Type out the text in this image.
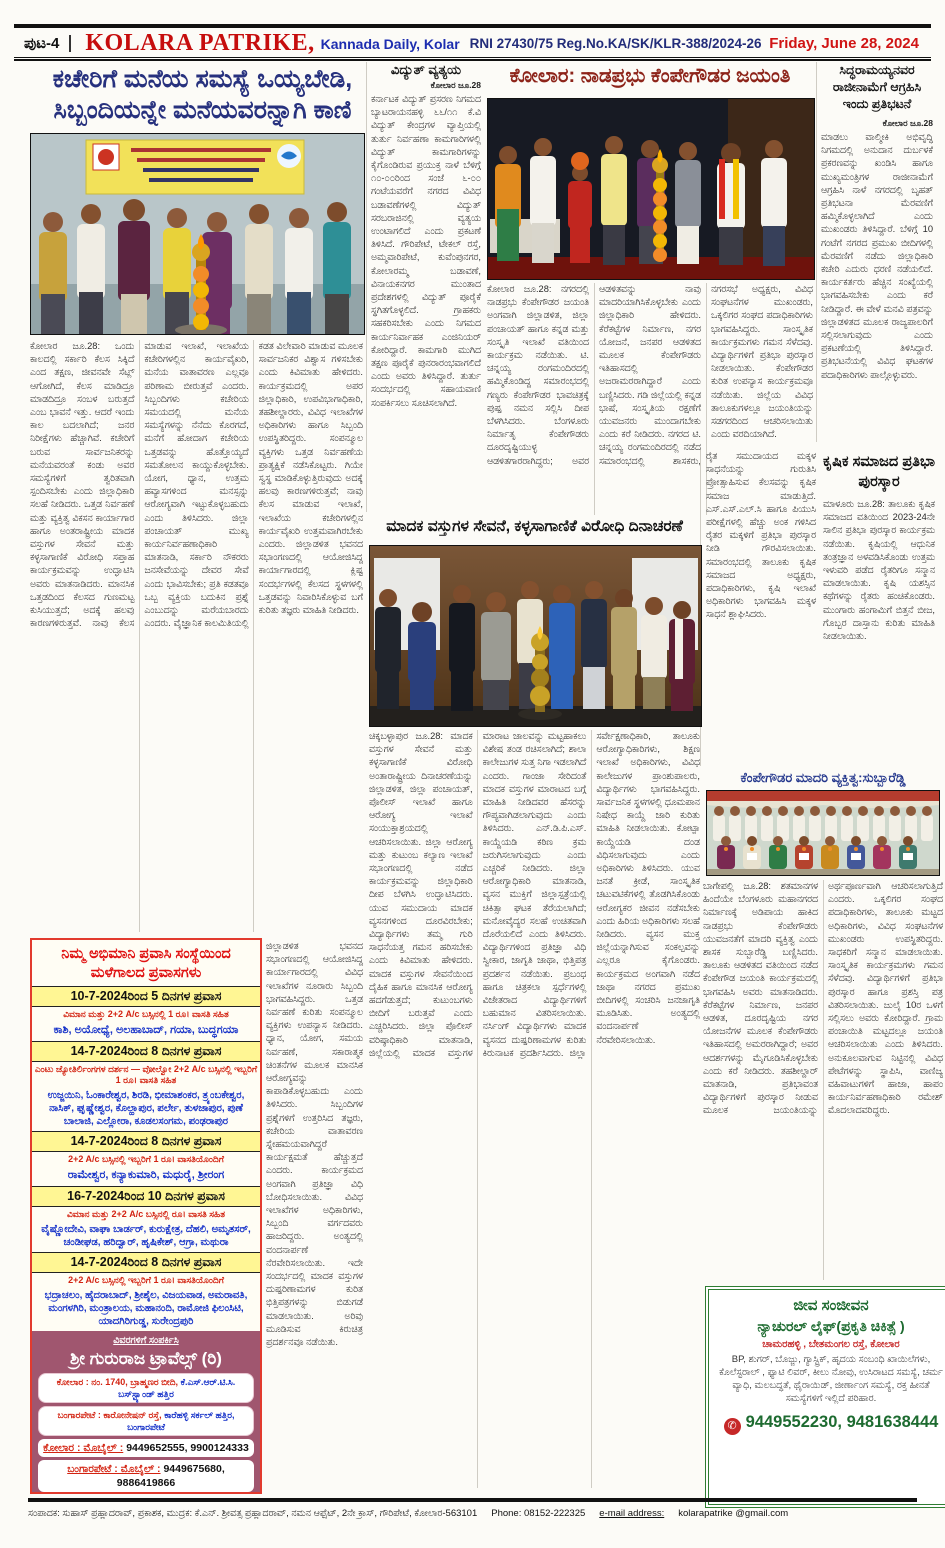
ಪುಟ-4	KOLARA PATRIKE, Kannada Daily, Kolar RNI 27430/75 Reg.No.KA/SK/KLR-388/2024-26 Friday, June 28, 2024
ಕಚೇರಿಗೆ ಮನೆಯ ಸಮಸ್ಯೆ ಒಯ್ಯಬೇಡಿ, ಸಿಬ್ಬಂದಿಯನ್ನೇ ಮನೆಯವರನ್ನಾಗಿ ಕಾಣಿ
ಕೋಲಾರ ಜೂ.28: ಒಂದು ಕಾಲದಲ್ಲಿ ಸರ್ಕಾರಿ ಕೆಲಸ ಸಿಕ್ಕಿದೆ ಎಂದ ತಕ್ಷಣ, ಜೀವನವೇ ಸೆಟ್ಲ್ ಆಗೋಗಿದೆ, ಕೆಲಸ ಮಾಡಿದ್ರೂ ಮಾಡದಿದ್ರೂ ಸಂಬಳ ಬರುತ್ತದೆ ಎಂಬ ಭಾವನೆ ಇತ್ತು. ಆದರೆ ಇಂದು ಕಾಲ ಬದಲಾಗಿದೆ; ಜನರ ನಿರೀಕ್ಷೆಗಳು ಹೆಚ್ಚಾಗಿವೆ. ಕಚೇರಿಗೆ ಬರುವ ಸಾರ್ವಜನಿಕರನ್ನು ಮನೆಯವರಂತೆ ಕಂಡು ಅವರ ಸಮಸ್ಯೆಗಳಿಗೆ ತ್ವರಿತವಾಗಿ ಸ್ಪಂದಿಸಬೇಕು ಎಂದು ಜಿಲ್ಲಾಧಿಕಾರಿ ಸಲಹೆ ನೀಡಿದರು. ಒತ್ತಡ ನಿರ್ವಹಣೆ ಮತ್ತು ವ್ಯಕ್ತಿತ್ವ ವಿಕಸನ ಕಾರ್ಯಾಗಾರ ಹಾಗೂ ಅಂತರಾಷ್ಟ್ರೀಯ ಮಾದಕ ವಸ್ತುಗಳ ಸೇವನೆ ಮತ್ತು ಕಳ್ಳಸಾಗಾಣಿಕೆ ವಿರೋಧಿ ಸಪ್ತಾಹ ಕಾರ್ಯಕ್ರಮವನ್ನು ಉದ್ಘಾಟಿಸಿ ಅವರು ಮಾತನಾಡಿದರು. ಮಾನಸಿಕ ಒತ್ತಡದಿಂದ ಕೆಲಸದ ಗುಣಮಟ್ಟ ಕುಸಿಯುತ್ತದೆ; ಅದಕ್ಕೆ ಹಲವು ಕಾರಣಗಳಿರುತ್ತವೆ. ನಾವು ಕೆಲಸ ಮಾಡುವ ಇಲಾಖೆ, ಇಲಾಖೆಯ ಕಚೇರಿಗಳಲ್ಲಿನ ಕಾರ್ಯವೈಖರಿ, ಮನೆಯ ವಾತಾವರಣ ಎಲ್ಲವೂ ಪರಿಣಾಮ ಬೀರುತ್ತವೆ ಎಂದರು. ಸಿಬ್ಬಂದಿಗಳು ಕಚೇರಿಯ ಸಮಯದಲ್ಲಿ ಮನೆಯ ಸಮಸ್ಯೆಗಳನ್ನು ನೆನೆದು ಕೊರಗದೆ, ಮನೆಗೆ ಹೋದಾಗ ಕಚೇರಿಯ ಒತ್ತಡವನ್ನು ಹೊತ್ತೊಯ್ಯದೆ ಸಮತೋಲನ ಕಾಯ್ದುಕೊಳ್ಳಬೇಕು. ಯೋಗ, ಧ್ಯಾನ, ಉತ್ತಮ ಹವ್ಯಾಸಗಳಿಂದ ಮನಸ್ಸನ್ನು ಆರೋಗ್ಯವಾಗಿ ಇಟ್ಟುಕೊಳ್ಳಬಹುದು ಎಂದು ತಿಳಿಸಿದರು. ಜಿಲ್ಲಾ ಪಂಚಾಯತ್ ಮುಖ್ಯ ಕಾರ್ಯನಿರ್ವಹಣಾಧಿಕಾರಿ ಮಾತನಾಡಿ, ಸರ್ಕಾರಿ ನೌಕರರು ಜನಸೇವೆಯನ್ನು ದೇವರ ಸೇವೆ ಎಂದು ಭಾವಿಸಬೇಕು; ಪ್ರತಿ ಕಡತವೂ ಒಬ್ಬ ವ್ಯಕ್ತಿಯ ಬದುಕಿನ ಪ್ರಶ್ನೆ ಎಂಬುದನ್ನು ಮರೆಯಬಾರದು ಎಂದರು. ವೈಜ್ಞಾನಿಕ ಕಾಲಮಿತಿಯಲ್ಲಿ ಕಡತ ವಿಲೇವಾರಿ ಮಾಡುವ ಮೂಲಕ ಸಾರ್ವಜನಿಕರ ವಿಶ್ವಾಸ ಗಳಿಸಬೇಕು ಎಂದು ಕಿವಿಮಾತು ಹೇಳಿದರು. ಕಾರ್ಯಕ್ರಮದಲ್ಲಿ ಅಪರ ಜಿಲ್ಲಾಧಿಕಾರಿ, ಉಪವಿಭಾಗಾಧಿಕಾರಿ, ತಹಶೀಲ್ದಾರರು, ವಿವಿಧ ಇಲಾಖೆಗಳ ಅಧಿಕಾರಿಗಳು ಹಾಗೂ ಸಿಬ್ಬಂದಿ ಉಪಸ್ಥಿತರಿದ್ದರು. ಸಂಪನ್ಮೂಲ ವ್ಯಕ್ತಿಗಳು ಒತ್ತಡ ನಿರ್ವಹಣೆಯ ಪ್ರಾತ್ಯಕ್ಷಿಕೆ ನಡೆಸಿಕೊಟ್ಟರು. ಗಿಯೇ ಸ್ವಸ್ಥ ಮಾಡಿಕೊಳ್ಳುತ್ತಿರುವುದು ಅದಕ್ಕೆ ಹಲವು ಕಾರಣಗಳಿರುತ್ತವೆ; ನಾವು ಕೆಲಸ ಮಾಡುವ ಇಲಾಖೆ, ಇಲಾಖೆಯ ಕಚೇರಿಗಳಲ್ಲಿನ ಕಾರ್ಯವೈಖರಿ ಉತ್ತಮವಾಗಿರಬೇಕು ಎಂದರು. ಜಿಲ್ಲಾಡಳಿತ ಭವನದ ಸಭಾಂಗಣದಲ್ಲಿ ಆಯೋಜಿಸಿದ್ದ ಕಾರ್ಯಾಗಾರದಲ್ಲಿ ಕ್ಲಿಷ್ಟ ಸಂದರ್ಭಗಳಲ್ಲಿ ಕೆಲಸದ ಸ್ಥಳಗಳಲ್ಲಿ ಒತ್ತಡವನ್ನು ನಿವಾರಿಸಿಕೊಳ್ಳುವ ಬಗೆ ಕುರಿತು ತಜ್ಞರು ಮಾಹಿತಿ ನೀಡಿದರು.
ಜಿಲ್ಲಾಡಳಿತ ಭವನದ ಸಭಾಂಗಣದಲ್ಲಿ ಆಯೋಜಿಸಿದ್ದ ಕಾರ್ಯಾಗಾರದಲ್ಲಿ ವಿವಿಧ ಇಲಾಖೆಗಳ ನೂರಾರು ಸಿಬ್ಬಂದಿ ಭಾಗವಹಿಸಿದ್ದರು. ಒತ್ತಡ ನಿರ್ವಹಣೆ ಕುರಿತು ಸಂಪನ್ಮೂಲ ವ್ಯಕ್ತಿಗಳು ಉಪನ್ಯಾಸ ನೀಡಿದರು. ಧ್ಯಾನ, ಯೋಗ, ಸಮಯ ನಿರ್ವಹಣೆ, ಸಕಾರಾತ್ಮಕ ಚಿಂತನೆಗಳ ಮೂಲಕ ಮಾನಸಿಕ ಆರೋಗ್ಯವನ್ನು ಕಾಪಾಡಿಕೊಳ್ಳಬಹುದು ಎಂದು ತಿಳಿಸಿದರು. ಸಿಬ್ಬಂದಿಗಳ ಪ್ರಶ್ನೆಗಳಿಗೆ ಉತ್ತರಿಸಿದ ತಜ್ಞರು, ಕಚೇರಿಯ ವಾತಾವರಣ ಸ್ನೇಹಮಯವಾಗಿದ್ದರೆ ಕಾರ್ಯಕ್ಷಮತೆ ಹೆಚ್ಚುತ್ತದೆ ಎಂದರು. ಕಾರ್ಯಕ್ರಮದ ಅಂಗವಾಗಿ ಪ್ರತಿಜ್ಞಾ ವಿಧಿ ಬೋಧಿಸಲಾಯಿತು. ವಿವಿಧ ಇಲಾಖೆಗಳ ಅಧಿಕಾರಿಗಳು, ಸಿಬ್ಬಂದಿ ವರ್ಗದವರು ಹಾಜರಿದ್ದರು. ಅಂತ್ಯದಲ್ಲಿ ವಂದನಾರ್ಪಣೆ ನೆರವೇರಿಸಲಾಯಿತು. ಇದೇ ಸಂದರ್ಭದಲ್ಲಿ ಮಾದಕ ವಸ್ತುಗಳ ದುಷ್ಪರಿಣಾಮಗಳ ಕುರಿತ ಭಿತ್ತಿಪತ್ರಗಳನ್ನು ಬಿಡುಗಡೆ ಮಾಡಲಾಯಿತು. ಅರಿವು ಮೂಡಿಸುವ ಕಿರುಚಿತ್ರ ಪ್ರದರ್ಶನವೂ ನಡೆಯಿತು.
ನಿಮ್ಮ ಅಭಿಮಾನಿ ಪ್ರವಾಸಿ ಸಂಸ್ಥೆಯಿಂದ ಮಳೆಗಾಲದ ಪ್ರವಾಸಗಳು
10-7-2024ರಿಂದ 5 ದಿನಗಳ ಪ್ರವಾಸ
ವಿಮಾನ ಮತ್ತು 2+2 A/c ಬಸ್ಸಿನಲ್ಲಿ 1 ರೂ। ವಾಸತಿ ಸಹಿತ
ಕಾಶಿ, ಅಯೋಧ್ಯೆ, ಅಲಹಾಬಾದ್, ಗಯಾ, ಬುದ್ಧಗಯಾ
14-7-2024ರಿಂದ 8 ದಿನಗಳ ಪ್ರವಾಸ
ಎಂಟು ಜ್ಯೋತಿರ್ಲಿಂಗಗಳ ದರ್ಶನ — ವೋಲ್ವೋ 2+2 A/c ಬಸ್ಸಿನಲ್ಲಿ ಇಬ್ಬರಿಗೆ 1 ರೂ। ವಾಸತಿ ಸಹಿತ
ಉಜ್ಜಯಿನಿ, ಓಂಕಾರೇಶ್ವರ, ಶಿರಡಿ, ಭೀಮಾಶಂಕರ, ತ್ರ್ಯಂಬಕೇಶ್ವರ, ನಾಸಿಕ್, ಘೃಷ್ಣೇಶ್ವರ, ಕೊಲ್ಹಾಪುರ, ಪರ್ಲೇ, ತುಳಜಾಪುರ, ಪುಣೆ ಬಾಲಾಜಿ, ಎಲ್ಲೋರಾ, ಕೂಡಲಸಂಗಮ, ಪಂಢರಾಪುರ
14-7-2024ರಿಂದ 8 ದಿನಗಳ ಪ್ರವಾಸ
2+2 A/c ಬಸ್ಸಿನಲ್ಲಿ ಇಬ್ಬರಿಗೆ 1 ರೂ। ವಾಸತಿಯೊಂದಿಗೆ
ರಾಮೇಶ್ವರ, ಕನ್ಯಾಕುಮಾರಿ, ಮಧುರೈ, ಶ್ರೀರಂಗ
16-7-2024ರಿಂದ 10 ದಿನಗಳ ಪ್ರವಾಸ
ವಿಮಾನ ಮತ್ತು 2+2 A/c ಬಸ್ಸಿನಲ್ಲಿ ರೂ। ವಾಸತಿ ಸಹಿತ
ವೈಷ್ಣೋದೇವಿ, ವಾಘಾ ಬಾರ್ಡರ್, ಕುರುಕ್ಷೇತ್ರ, ದೆಹಲಿ, ಅಮೃತಸರ್, ಚಂಡೀಘಡ, ಹರಿದ್ವಾರ್, ಹೃಷಿಕೇಶ್, ಆಗ್ರಾ, ಮಥುರಾ
14-7-2024ರಿಂದ 8 ದಿನಗಳ ಪ್ರವಾಸ
2+2 A/c ಬಸ್ಸಿನಲ್ಲಿ ಇಬ್ಬರಿಗೆ 1 ರೂ। ವಾಸತಿಯೊಂದಿಗೆ
ಭದ್ರಾಚಲಂ, ಹೈದರಾಬಾದ್, ಶ್ರೀಶೈಲ, ವಿಜಯವಾಡ, ಅಮರಾವತಿ, ಮಂಗಳಗಿರಿ, ಮಂತ್ರಾಲಯ, ಮಹಾನಂದಿ, ರಾಮೋಜಿ ಫಿಲಂಸಿಟಿ, ಯಾದಗಿರಿಗುಡ್ಡ, ಸುರೇಂದ್ರಪುರಿ
ವಿವರಗಳಿಗೆ ಸಂಪರ್ಕಿಸಿ
ಶ್ರೀ ಗುರುರಾಜ ಟ್ರಾವೆಲ್ಸ್ (ರಿ)
ಕೋಲಾರ : ನಂ. 1740, ಬ್ರಾಹ್ಮಣರ ಬೀದಿ, ಕೆ.ಎಸ್.ಆರ್.ಟಿ.ಸಿ. ಬಸ್‌ಸ್ಟ್ಯಾಂಡ್ ಹತ್ತಿರ
ಬಂಗಾರಪೇಟೆ : ಕಾರೋನೇಷನ್ ರಸ್ತೆ, ಕಾರೆಹಳ್ಳಿ ಸರ್ಕಲ್ ಹತ್ತಿರ, ಬಂಗಾರಪೇಟೆ
ಕೋಲಾರ : ಮೊಬೈಲ್ : 9449652555, 9900124333
ಬಂಗಾರಪೇಟೆ : ಮೊಬೈಲ್ : 9449675680, 9886419866
ವಿದ್ಯುತ್ ವ್ಯತ್ಯಯ
ಕೋಲಾರ ಜೂ.28
ಕರ್ನಾಟಕ ವಿದ್ಯುತ್ ಪ್ರಸರಣ ನಿಗಮದ ಬ್ಯಾಟರಾಯನಹಳ್ಳಿ ೬೬/೧೧ ಕೆ.ವಿ ವಿದ್ಯುತ್ ಕೇಂದ್ರಗಳ ವ್ಯಾಪ್ತಿಯಲ್ಲಿ ತುರ್ತು ನಿರ್ವಹಣಾ ಕಾಮಗಾರಿಗಳಲ್ಲಿ ವಿದ್ಯುತ್ ಕಾಮಗಾರಿಗಳನ್ನು ಕೈಗೊಂಡಿರುವ ಪ್ರಯುಕ್ತ ನಾಳೆ ಬೆಳಿಗ್ಗೆ ೧೦-೦೦ರಿಂದ ಸಂಜೆ ೬-೦೦ ಗಂಟೆಯವರೆಗೆ ನಗರದ ವಿವಿಧ ಬಡಾವಣೆಗಳಲ್ಲಿ ವಿದ್ಯುತ್ ಸರಬರಾಜಿನಲ್ಲಿ ವ್ಯತ್ಯಯ ಉಂಟಾಗಲಿದೆ ಎಂದು ಪ್ರಕಟಣೆ ತಿಳಿಸಿದೆ. ಗೌರಿಪೇಟೆ, ಟೇಕಲ್ ರಸ್ತೆ, ಅಮ್ಮವಾರಿಪೇಟೆ, ಕುವೆಂಪುನಗರ, ಕೋಲಾರಮ್ಮ ಬಡಾವಣೆ, ವಿನಾಯಕನಗರ ಮುಂತಾದ ಪ್ರದೇಶಗಳಲ್ಲಿ ವಿದ್ಯುತ್ ಪೂರೈಕೆ ಸ್ಥಗಿತಗೊಳ್ಳಲಿದೆ. ಗ್ರಾಹಕರು ಸಹಕರಿಸಬೇಕು ಎಂದು ನಿಗಮದ ಕಾರ್ಯನಿರ್ವಾಹಕ ಎಂಜಿನಿಯರ್ ಕೋರಿದ್ದಾರೆ. ಕಾಮಗಾರಿ ಮುಗಿದ ತಕ್ಷಣ ಪೂರೈಕೆ ಪುನರಾರಂಭವಾಗಲಿದೆ ಎಂದು ಅವರು ತಿಳಿಸಿದ್ದಾರೆ. ತುರ್ತು ಸಂದರ್ಭದಲ್ಲಿ ಸಹಾಯವಾಣಿ ಸಂಪರ್ಕಿಸಲು ಸೂಚಿಸಲಾಗಿದೆ.
ಕೋಲಾರ: ನಾಡಪ್ರಭು ಕೆಂಪೇಗೌಡರ ಜಯಂತಿ
ಕೋಲಾರ ಜೂ.28: ನಗರದಲ್ಲಿ ನಾಡಪ್ರಭು ಕೆಂಪೇಗೌಡರ ಜಯಂತಿ ಅಂಗವಾಗಿ ಜಿಲ್ಲಾಡಳಿತ, ಜಿಲ್ಲಾ ಪಂಚಾಯತ್ ಹಾಗೂ ಕನ್ನಡ ಮತ್ತು ಸಂಸ್ಕೃತಿ ಇಲಾಖೆ ವತಿಯಿಂದ ಕಾರ್ಯಕ್ರಮ ನಡೆಯಿತು. ಟಿ. ಚನ್ನಯ್ಯ ರಂಗಮಂದಿರದಲ್ಲಿ ಹಮ್ಮಿಕೊಂಡಿದ್ದ ಸಮಾರಂಭದಲ್ಲಿ ಗಣ್ಯರು ಕೆಂಪೇಗೌಡರ ಭಾವಚಿತ್ರಕ್ಕೆ ಪುಷ್ಪ ನಮನ ಸಲ್ಲಿಸಿ ದೀಪ ಬೆಳಗಿಸಿದರು. ಬೆಂಗಳೂರು ನಿರ್ಮಾತೃ ಕೆಂಪೇಗೌಡರು ದೂರದೃಷ್ಟಿಯುಳ್ಳ ಆಡಳಿತಗಾರರಾಗಿದ್ದರು; ಅವರ ಆಡಳಿತವನ್ನು ನಾವು ಮಾದರಿಯಾಗಿಸಿಕೊಳ್ಳಬೇಕು ಎಂದು ಜಿಲ್ಲಾಧಿಕಾರಿ ಹೇಳಿದರು. ಕೆರೆಕಟ್ಟೆಗಳ ನಿರ್ಮಾಣ, ನಗರ ಯೋಜನೆ, ಜನಪರ ಆಡಳಿತದ ಮೂಲಕ ಕೆಂಪೇಗೌಡರು ಇತಿಹಾಸದಲ್ಲಿ ಅಜರಾಮರರಾಗಿದ್ದಾರೆ ಎಂದು ಬಣ್ಣಿಸಿದರು. ಗಡಿ ಜಿಲ್ಲೆಯಲ್ಲಿ ಕನ್ನಡ ಭಾಷೆ, ಸಂಸ್ಕೃತಿಯ ರಕ್ಷಣೆಗೆ ಯುವಜನರು ಮುಂದಾಗಬೇಕು ಎಂದು ಕರೆ ನೀಡಿದರು. ನಗರದ ಟಿ. ಚನ್ನಯ್ಯ ರಂಗಮಂದಿರದಲ್ಲಿ ನಡೆದ ಸಮಾರಂಭದಲ್ಲಿ ಶಾಸಕರು, ನಗರಸಭೆ ಅಧ್ಯಕ್ಷರು, ವಿವಿಧ ಸಂಘಟನೆಗಳ ಮುಖಂಡರು, ಒಕ್ಕಲಿಗರ ಸಂಘದ ಪದಾಧಿಕಾರಿಗಳು ಭಾಗವಹಿಸಿದ್ದರು. ಸಾಂಸ್ಕೃತಿಕ ಕಾರ್ಯಕ್ರಮಗಳು ಗಮನ ಸೆಳೆದವು. ವಿದ್ಯಾರ್ಥಿಗಳಿಗೆ ಪ್ರತಿಭಾ ಪುರಸ್ಕಾರ ನೀಡಲಾಯಿತು. ಕೆಂಪೇಗೌಡರ ಕುರಿತ ಉಪನ್ಯಾಸ ಕಾರ್ಯಕ್ರಮವೂ ನಡೆಯಿತು. ಜಿಲ್ಲೆಯ ವಿವಿಧ ತಾಲೂಕುಗಳಲ್ಲೂ ಜಯಂತಿಯನ್ನು ಸಡಗರದಿಂದ ಆಚರಿಸಲಾಯಿತು ಎಂದು ವರದಿಯಾಗಿದೆ.
ಸಿದ್ಧರಾಮಯ್ಯನವರ ರಾಜೀನಾಮೆಗೆ ಆಗ್ರಹಿಸಿ ಇಂದು ಪ್ರತಿಭಟನೆ
ಕೋಲಾರ ಜೂ.28
ಮಾಡಲು ವಾಲ್ಮೀಕಿ ಅಭಿವೃದ್ಧಿ ನಿಗಮದಲ್ಲಿ ಅನುದಾನ ದುರ್ಬಳಕೆ ಪ್ರಕರಣವನ್ನು ಖಂಡಿಸಿ ಹಾಗೂ ಮುಖ್ಯಮಂತ್ರಿಗಳ ರಾಜೀನಾಮೆಗೆ ಆಗ್ರಹಿಸಿ ನಾಳೆ ನಗರದಲ್ಲಿ ಬೃಹತ್ ಪ್ರತಿಭಟನಾ ಮೆರವಣಿಗೆ ಹಮ್ಮಿಕೊಳ್ಳಲಾಗಿದೆ ಎಂದು ಮುಖಂಡರು ತಿಳಿಸಿದ್ದಾರೆ. ಬೆಳಿಗ್ಗೆ 10 ಗಂಟೆಗೆ ನಗರದ ಪ್ರಮುಖ ಬೀದಿಗಳಲ್ಲಿ ಮೆರವಣಿಗೆ ನಡೆದು ಜಿಲ್ಲಾಧಿಕಾರಿ ಕಚೇರಿ ಎದುರು ಧರಣಿ ನಡೆಯಲಿದೆ. ಕಾರ್ಯಕರ್ತರು ಹೆಚ್ಚಿನ ಸಂಖ್ಯೆಯಲ್ಲಿ ಭಾಗವಹಿಸಬೇಕು ಎಂದು ಕರೆ ನೀಡಿದ್ದಾರೆ. ಈ ವೇಳೆ ಮನವಿ ಪತ್ರವನ್ನು ಜಿಲ್ಲಾಡಳಿತದ ಮೂಲಕ ರಾಜ್ಯಪಾಲರಿಗೆ ಸಲ್ಲಿಸಲಾಗುವುದು ಎಂದು ಪ್ರಕಟಣೆಯಲ್ಲಿ ತಿಳಿಸಿದ್ದಾರೆ. ಪ್ರತಿಭಟನೆಯಲ್ಲಿ ವಿವಿಧ ಘಟಕಗಳ ಪದಾಧಿಕಾರಿಗಳು ಪಾಲ್ಗೊಳ್ಳುವರು.
ರೈತ ಸಮುದಾಯದ ಮಕ್ಕಳ ಸಾಧನೆಯನ್ನು ಗುರುತಿಸಿ ಪ್ರೋತ್ಸಾಹಿಸುವ ಕೆಲಸವನ್ನು ಕೃಷಿಕ ಸಮಾಜ ಮಾಡುತ್ತಿದೆ. ಎಸ್.ಎಸ್.ಎಲ್.ಸಿ ಹಾಗೂ ಪಿಯುಸಿ ಪರೀಕ್ಷೆಗಳಲ್ಲಿ ಹೆಚ್ಚು ಅಂಕ ಗಳಿಸಿದ ರೈತರ ಮಕ್ಕಳಿಗೆ ಪ್ರತಿಭಾ ಪುರಸ್ಕಾರ ನೀಡಿ ಗೌರವಿಸಲಾಯಿತು. ಸಮಾರಂಭದಲ್ಲಿ ತಾಲೂಕು ಕೃಷಿಕ ಸಮಾಜದ ಅಧ್ಯಕ್ಷರು, ಪದಾಧಿಕಾರಿಗಳು, ಕೃಷಿ ಇಲಾಖೆ ಅಧಿಕಾರಿಗಳು ಭಾಗವಹಿಸಿ ಮಕ್ಕಳ ಸಾಧನೆ ಶ್ಲಾಘಿಸಿದರು.
ಕೃಷಿಕ ಸಮಾಜದ ಪ್ರತಿಭಾ ಪುರಸ್ಕಾರ
ಮಾಳೂರು ಜೂ.28: ತಾಲೂಕು ಕೃಷಿಕ ಸಮಾಜದ ವತಿಯಿಂದ 2023-24ನೇ ಸಾಲಿನ ಪ್ರತಿಭಾ ಪುರಸ್ಕಾರ ಕಾರ್ಯಕ್ರಮ ನಡೆಯಿತು. ಕೃಷಿಯಲ್ಲಿ ಆಧುನಿಕ ತಂತ್ರಜ್ಞಾನ ಅಳವಡಿಸಿಕೊಂಡು ಉತ್ತಮ ಇಳುವರಿ ಪಡೆದ ರೈತರಿಗೂ ಸನ್ಮಾನ ಮಾಡಲಾಯಿತು. ಕೃಷಿ ಯಶಸ್ಸಿನ ಕಥೆಗಳನ್ನು ರೈತರು ಹಂಚಿಕೊಂಡರು. ಮುಂಗಾರು ಹಂಗಾಮಿಗೆ ಬಿತ್ತನೆ ಬೀಜ, ಗೊಬ್ಬರ ದಾಸ್ತಾನು ಕುರಿತು ಮಾಹಿತಿ ನೀಡಲಾಯಿತು.
ಮಾದಕ ವಸ್ತುಗಳ ಸೇವನೆ, ಕಳ್ಳಸಾಗಾಣಿಕೆ ವಿರೋಧಿ ದಿನಾಚರಣೆ
ಚಿಕ್ಕಬಳ್ಳಾಪುರ ಜೂ.28: ಮಾದಕ ವಸ್ತುಗಳ ಸೇವನೆ ಮತ್ತು ಕಳ್ಳಸಾಗಾಣಿಕೆ ವಿರೋಧಿ ಅಂತಾರಾಷ್ಟ್ರೀಯ ದಿನಾಚರಣೆಯನ್ನು ಜಿಲ್ಲಾಡಳಿತ, ಜಿಲ್ಲಾ ಪಂಚಾಯತ್, ಪೊಲೀಸ್ ಇಲಾಖೆ ಹಾಗೂ ಆರೋಗ್ಯ ಇಲಾಖೆ ಸಂಯುಕ್ತಾಶ್ರಯದಲ್ಲಿ ಆಚರಿಸಲಾಯಿತು. ಜಿಲ್ಲಾ ಆರೋಗ್ಯ ಮತ್ತು ಕುಟುಂಬ ಕಲ್ಯಾಣ ಇಲಾಖೆ ಸಭಾಂಗಣದಲ್ಲಿ ನಡೆದ ಕಾರ್ಯಕ್ರಮವನ್ನು ಜಿಲ್ಲಾಧಿಕಾರಿ ದೀಪ ಬೆಳಗಿಸಿ ಉದ್ಘಾಟಿಸಿದರು. ಯುವ ಸಮುದಾಯ ಮಾದಕ ವ್ಯಸನಗಳಿಂದ ದೂರವಿರಬೇಕು; ವಿದ್ಯಾರ್ಥಿಗಳು ತಮ್ಮ ಗುರಿ ಸಾಧನೆಯತ್ತ ಗಮನ ಹರಿಸಬೇಕು ಎಂದು ಕಿವಿಮಾತು ಹೇಳಿದರು. ಮಾದಕ ವಸ್ತುಗಳ ಸೇವನೆಯಿಂದ ದೈಹಿಕ ಹಾಗೂ ಮಾನಸಿಕ ಆರೋಗ್ಯ ಹದಗೆಡುತ್ತದೆ; ಕುಟುಂಬಗಳು ಬೀದಿಗೆ ಬರುತ್ತವೆ ಎಂದು ಎಚ್ಚರಿಸಿದರು. ಜಿಲ್ಲಾ ಪೊಲೀಸ್ ವರಿಷ್ಠಾಧಿಕಾರಿ ಮಾತನಾಡಿ, ಜಿಲ್ಲೆಯಲ್ಲಿ ಮಾದಕ ವಸ್ತುಗಳ ಮಾರಾಟ ಜಾಲವನ್ನು ಮಟ್ಟಹಾಕಲು ವಿಶೇಷ ತಂಡ ರಚಿಸಲಾಗಿದೆ; ಶಾಲಾ ಕಾಲೇಜುಗಳ ಸುತ್ತ ನಿಗಾ ಇಡಲಾಗಿದೆ ಎಂದರು. ಗಾಂಜಾ ಸೇರಿದಂತೆ ಮಾದಕ ವಸ್ತುಗಳ ಮಾರಾಟದ ಬಗ್ಗೆ ಮಾಹಿತಿ ನೀಡಿದವರ ಹೆಸರನ್ನು ಗೌಪ್ಯವಾಗಿಡಲಾಗುವುದು ಎಂದು ತಿಳಿಸಿದರು. ಎನ್.ಡಿ.ಪಿ.ಎಸ್. ಕಾಯ್ದೆಯಡಿ ಕಠಿಣ ಕ್ರಮ ಜರುಗಿಸಲಾಗುವುದು ಎಂದು ಎಚ್ಚರಿಕೆ ನೀಡಿದರು. ಜಿಲ್ಲಾ ಆರೋಗ್ಯಾಧಿಕಾರಿ ಮಾತನಾಡಿ, ವ್ಯಸನ ಮುಕ್ತಿಗೆ ಜಿಲ್ಲಾಸ್ಪತ್ರೆಯಲ್ಲಿ ಚಿಕಿತ್ಸಾ ಘಟಕ ತೆರೆಯಲಾಗಿದೆ; ಮನೋವೈದ್ಯರ ಸಲಹೆ ಉಚಿತವಾಗಿ ದೊರೆಯಲಿದೆ ಎಂದು ತಿಳಿಸಿದರು. ವಿದ್ಯಾರ್ಥಿಗಳಿಂದ ಪ್ರತಿಜ್ಞಾ ವಿಧಿ ಸ್ವೀಕಾರ, ಜಾಗೃತಿ ಜಾಥಾ, ಭಿತ್ತಿಪತ್ರ ಪ್ರದರ್ಶನ ನಡೆಯಿತು. ಪ್ರಬಂಧ ಹಾಗೂ ಚಿತ್ರಕಲಾ ಸ್ಪರ್ಧೆಗಳಲ್ಲಿ ವಿಜೇತರಾದ ವಿದ್ಯಾರ್ಥಿಗಳಿಗೆ ಬಹುಮಾನ ವಿತರಿಸಲಾಯಿತು. ನರ್ಸಿಂಗ್ ವಿದ್ಯಾರ್ಥಿಗಳು ಮಾದಕ ವ್ಯಸನದ ದುಷ್ಪರಿಣಾಮಗಳ ಕುರಿತು ಕಿರುನಾಟಕ ಪ್ರದರ್ಶಿಸಿದರು. ಜಿಲ್ಲಾ ಸರ್ವೇಕ್ಷಣಾಧಿಕಾರಿ, ತಾಲೂಕು ಆರೋಗ್ಯಾಧಿಕಾರಿಗಳು, ಶಿಕ್ಷಣ ಇಲಾಖೆ ಅಧಿಕಾರಿಗಳು, ವಿವಿಧ ಕಾಲೇಜುಗಳ ಪ್ರಾಂಶುಪಾಲರು, ವಿದ್ಯಾರ್ಥಿಗಳು ಭಾಗವಹಿಸಿದ್ದರು. ಸಾರ್ವಜನಿಕ ಸ್ಥಳಗಳಲ್ಲಿ ಧೂಮಪಾನ ನಿಷೇಧ ಕಾಯ್ದೆ ಜಾರಿ ಕುರಿತು ಮಾಹಿತಿ ನೀಡಲಾಯಿತು. ಕೋಟ್ಪಾ ಕಾಯ್ದೆಯಡಿ ದಂಡ ವಿಧಿಸಲಾಗುವುದು ಎಂದು ಅಧಿಕಾರಿಗಳು ತಿಳಿಸಿದರು. ಯುವ ಜನತೆ ಕ್ರೀಡೆ, ಸಾಂಸ್ಕೃತಿಕ ಚಟುವಟಿಕೆಗಳಲ್ಲಿ ತೊಡಗಿಸಿಕೊಂಡು ಆರೋಗ್ಯಕರ ಜೀವನ ನಡೆಸಬೇಕು ಎಂದು ಹಿರಿಯ ಅಧಿಕಾರಿಗಳು ಸಲಹೆ ನೀಡಿದರು. ವ್ಯಸನ ಮುಕ್ತ ಜಿಲ್ಲೆಯನ್ನಾಗಿಸುವ ಸಂಕಲ್ಪವನ್ನು ಎಲ್ಲರೂ ಕೈಗೊಂಡರು. ಕಾರ್ಯಕ್ರಮದ ಅಂಗವಾಗಿ ನಡೆದ ಜಾಥಾ ನಗರದ ಪ್ರಮುಖ ಬೀದಿಗಳಲ್ಲಿ ಸಂಚರಿಸಿ ಜನಜಾಗೃತಿ ಮೂಡಿಸಿತು. ಅಂತ್ಯದಲ್ಲಿ ವಂದನಾರ್ಪಣೆ ನೆರವೇರಿಸಲಾಯಿತು.
ಕೆಂಪೇಗೌಡರ ಮಾದರಿ ವ್ಯಕ್ತಿತ್ವ:ಸುಬ್ಬಾರೆಡ್ಡಿ
ಬಾಗೇಪಲ್ಲಿ ಜೂ.28: ಶತಮಾನಗಳ ಹಿಂದೆಯೇ ಬೆಂಗಳೂರು ಮಹಾನಗರದ ನಿರ್ಮಾಣಕ್ಕೆ ಅಡಿಪಾಯ ಹಾಕಿದ ನಾಡಪ್ರಭು ಕೆಂಪೇಗೌಡರು ಯುವಜನತೆಗೆ ಮಾದರಿ ವ್ಯಕ್ತಿತ್ವ ಎಂದು ಶಾಸಕ ಸುಬ್ಬಾರೆಡ್ಡಿ ಬಣ್ಣಿಸಿದರು. ತಾಲೂಕು ಆಡಳಿತದ ವತಿಯಿಂದ ನಡೆದ ಕೆಂಪೇಗೌಡ ಜಯಂತಿ ಕಾರ್ಯಕ್ರಮದಲ್ಲಿ ಭಾಗವಹಿಸಿ ಅವರು ಮಾತನಾಡಿದರು. ಕೆರೆಕಟ್ಟೆಗಳ ನಿರ್ಮಾಣ, ಜನಪರ ಆಡಳಿತ, ದೂರದೃಷ್ಟಿಯ ನಗರ ಯೋಜನೆಗಳ ಮೂಲಕ ಕೆಂಪೇಗೌಡರು ಇತಿಹಾಸದಲ್ಲಿ ಅಮರರಾಗಿದ್ದಾರೆ; ಅವರ ಆದರ್ಶಗಳನ್ನು ಮೈಗೂಡಿಸಿಕೊಳ್ಳಬೇಕು ಎಂದು ಕರೆ ನೀಡಿದರು. ತಹಶೀಲ್ದಾರ್ ಮಾತನಾಡಿ, ಪ್ರತಿಭಾವಂತ ವಿದ್ಯಾರ್ಥಿಗಳಿಗೆ ಪುರಸ್ಕಾರ ನೀಡುವ ಮೂಲಕ ಜಯಂತಿಯನ್ನು ಅರ್ಥಪೂರ್ಣವಾಗಿ ಆಚರಿಸಲಾಗುತ್ತಿದೆ ಎಂದರು. ಒಕ್ಕಲಿಗರ ಸಂಘದ ಪದಾಧಿಕಾರಿಗಳು, ತಾಲೂಕು ಮಟ್ಟದ ಅಧಿಕಾರಿಗಳು, ವಿವಿಧ ಸಂಘಟನೆಗಳ ಮುಖಂಡರು ಉಪಸ್ಥಿತರಿದ್ದರು. ಸಾಧಕರಿಗೆ ಸನ್ಮಾನ ಮಾಡಲಾಯಿತು. ಸಾಂಸ್ಕೃತಿಕ ಕಾರ್ಯಕ್ರಮಗಳು ಗಮನ ಸೆಳೆದವು. ವಿದ್ಯಾರ್ಥಿಗಳಿಗೆ ಪ್ರತಿಭಾ ಪುರಸ್ಕಾರ ಹಾಗೂ ಪ್ರಶಸ್ತಿ ಪತ್ರ ವಿತರಿಸಲಾಯಿತು. ಜುಲೈ 10ರ ಒಳಗೆ ಸಲ್ಲಿಸಲು ಅವರು ಕೋರಿದ್ದಾರೆ. ಗ್ರಾಮ ಪಂಚಾಯಿತಿ ಮಟ್ಟದಲ್ಲೂ ಜಯಂತಿ ಆಚರಿಸಲಾಯಿತು ಎಂದು ತಿಳಿಸಿದರು. ಅನುಕೂಲವಾಗುವ ನಿಟ್ಟಿನಲ್ಲಿ ವಿವಿಧ ಪೇಟೆಗಳನ್ನು ಸ್ಥಾಪಿಸಿ, ವಾಣಿಜ್ಯ ವಹಿವಾಟುಗಳಿಗೆ ಹಾಜಾ, ಹಾಪಂ ಕಾರ್ಯನಿರ್ವಹಣಾಧಿಕಾರಿ ರಮೇಶ್ ಮೊದಲಾದವರಿದ್ದರು.
ಜೀವ ಸಂಜೀವನ
ನ್ಯಾಚುರಲ್ ಲೈಫ್(ಪ್ರಕೃತಿ ಚಿಕಿತ್ಸೆ )
ಚಾಮರಹಳ್ಳಿ , ಬೇತಮಂಗಲ ರಸ್ತೆ, ಕೋಲಾರ
BP, ಶುಗರ್, ಬೊಜ್ಜು, ಗ್ಯಾಸ್ಟ್ರಿಕ್, ಹೃದಯ ಸಂಬಂಧಿ ಖಾಯಿಲೆಗಳು, ಕೊಲೆಸ್ಟರಾಲ್ , ಫ್ಯಾಟಿ ಲಿವರ್, ಕೀಲು ನೋವು, ಉಸಿರಾಟದ ಸಮಸ್ಯೆ, ಚರ್ಮ ವ್ಯಾಧಿ, ಮಲಬದ್ಧತೆ, ಥೈರಾಯಿಡ್, ಜೀರ್ಣಾಂಗ ಸಮಸ್ಯೆ, ರಕ್ತ ಹೀನತೆ ಸಮಸ್ಯೆಗಳಿಗೆ ಇಲ್ಲಿದೆ ಪರಿಹಾರ.
✆ 9449552230, 9481638444
ಸಂಪಾದಕ: ಸುಹಾಸ್ ಪ್ರಹ್ಲಾದರಾವ್, ಪ್ರಕಾಶಕ, ಮುದ್ರಕ: ಕೆ.ಎನ್. ಶ್ರೀವತ್ಸ ಪ್ರಹ್ಲಾದರಾವ್, ನಮನ ಆಫ್ಸೆಟ್, 2ನೇ ಕ್ರಾಸ್, ಗೌರಿಪೇಟೆ, ಕೋಲಾರ-563101 Phone: 08152-222325 e-mail address: kolarapatrike @gmail.com
